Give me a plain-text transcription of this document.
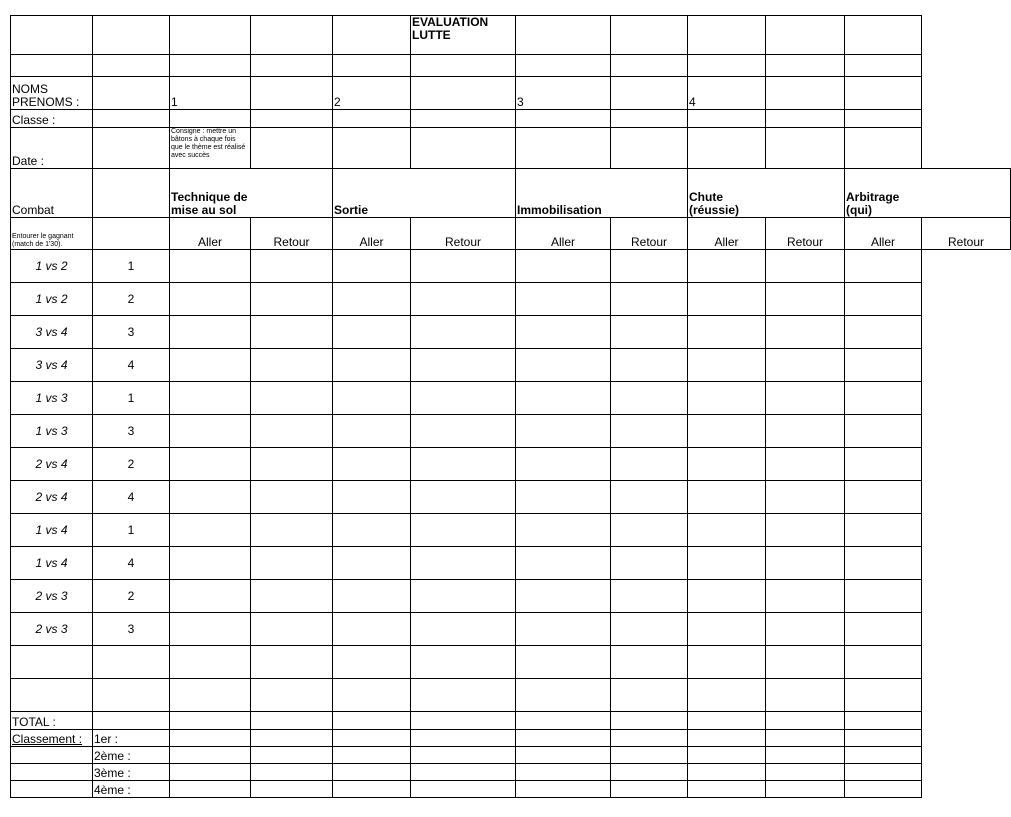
					EVALUATION
LUTTE						

NOMS
PRENOMS :		1		2		3		4			
Classe :											
Date :		Consigne : mettre un bâtons à chaque fois que le thème est réalisé avec succès									
Combat		Technique de mise au sol		Sortie		Immobilisation		Chute (réussie)		Arbitrage (qui)	
Entourer le gagnant (match de 1'30).		Aller	Retour	Aller	Retour	Aller	Retour	Aller	Retour	Aller	Retour
1 vs 2	1										
1 vs 2	2										
3 vs 4	3										
3 vs 4	4										
1 vs 3	1										
1 vs 3	3										
2 vs 4	2										
2 vs 4	4										
1 vs 4	1										
1 vs 4	4										
2 vs 3	2										
2 vs 3	3										

TOTAL :											
Classement :	1er :										
	2ème :										
	3ème :										
	4ème :										
